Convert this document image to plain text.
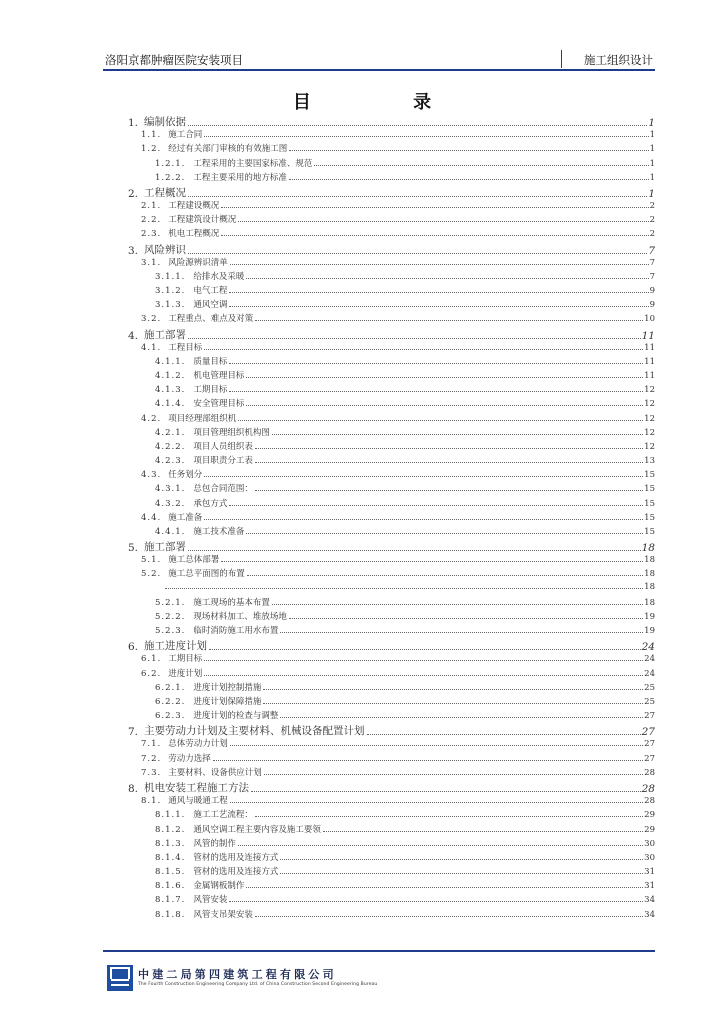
洛阳京都肿瘤医院安装项目	施工组织设计
目 录
1. 编制依据	1
1.1. 施工合同	1
1.2. 经过有关部门审核的有效施工图	1
1.2.1. 工程采用的主要国家标准、规范	1
1.2.2. 工程主要采用的地方标准	1
2. 工程概况	1
2.1. 工程建设概况	2
2.2. 工程建筑设计概况	2
2.3. 机电工程概况	2
3. 风险辨识	7
3.1. 风险源辨识清单	7
3.1.1. 给排水及采暖	7
3.1.2. 电气工程	9
3.1.3. 通风空调	9
3.2. 工程重点、难点及对策	10
4. 施工部署	11
4.1. 工程目标	11
4.1.1. 质量目标	11
4.1.2. 机电管理目标	11
4.1.3. 工期目标	12
4.1.4. 安全管理目标	12
4.2. 项目经理部组织机	12
4.2.1. 项目管理组织机构图	12
4.2.2. 项目人员组织表	12
4.2.3. 项目职责分工表	13
4.3. 任务划分	15
4.3.1. 总包合同范围：	15
4.3.2. 承包方式	15
4.4. 施工准备	15
4.4.1. 施工技术准备	15
5. 施工部署	18
5.1. 施工总体部署	18
5.2. 施工总平面图的布置	18
18
5.2.1. 施工现场的基本布置	18
5.2.2. 现场材料加工、堆放场地	19
5.2.3. 临时消防施工用水布置	19
6. 施工进度计划	24
6.1. 工期目标	24
6.2. 进度计划	24
6.2.1. 进度计划控制措施	25
6.2.2. 进度计划保障措施	25
6.2.3. 进度计划的检查与调整	27
7. 主要劳动力计划及主要材料、机械设备配置计划	27
7.1. 总体劳动力计划	27
7.2. 劳动力选择	27
7.3. 主要材料、设备供应计划	28
8. 机电安装工程施工方法	28
8.1. 通风与暖通工程	28
8.1.1. 施工工艺流程：	29
8.1.2. 通风空调工程主要内容及施工要领	29
8.1.3. 风管的制作	30
8.1.4. 管材的选用及连接方式	30
8.1.5. 管材的选用及连接方式	31
8.1.6. 金属钢板制作	31
8.1.7. 风管安装	34
8.1.8. 风管支吊架安装	34
中建二局第四建筑工程有限公司
The Fourth Construction Engineering Company Ltd. of China Construction Second Engineering Bureau
